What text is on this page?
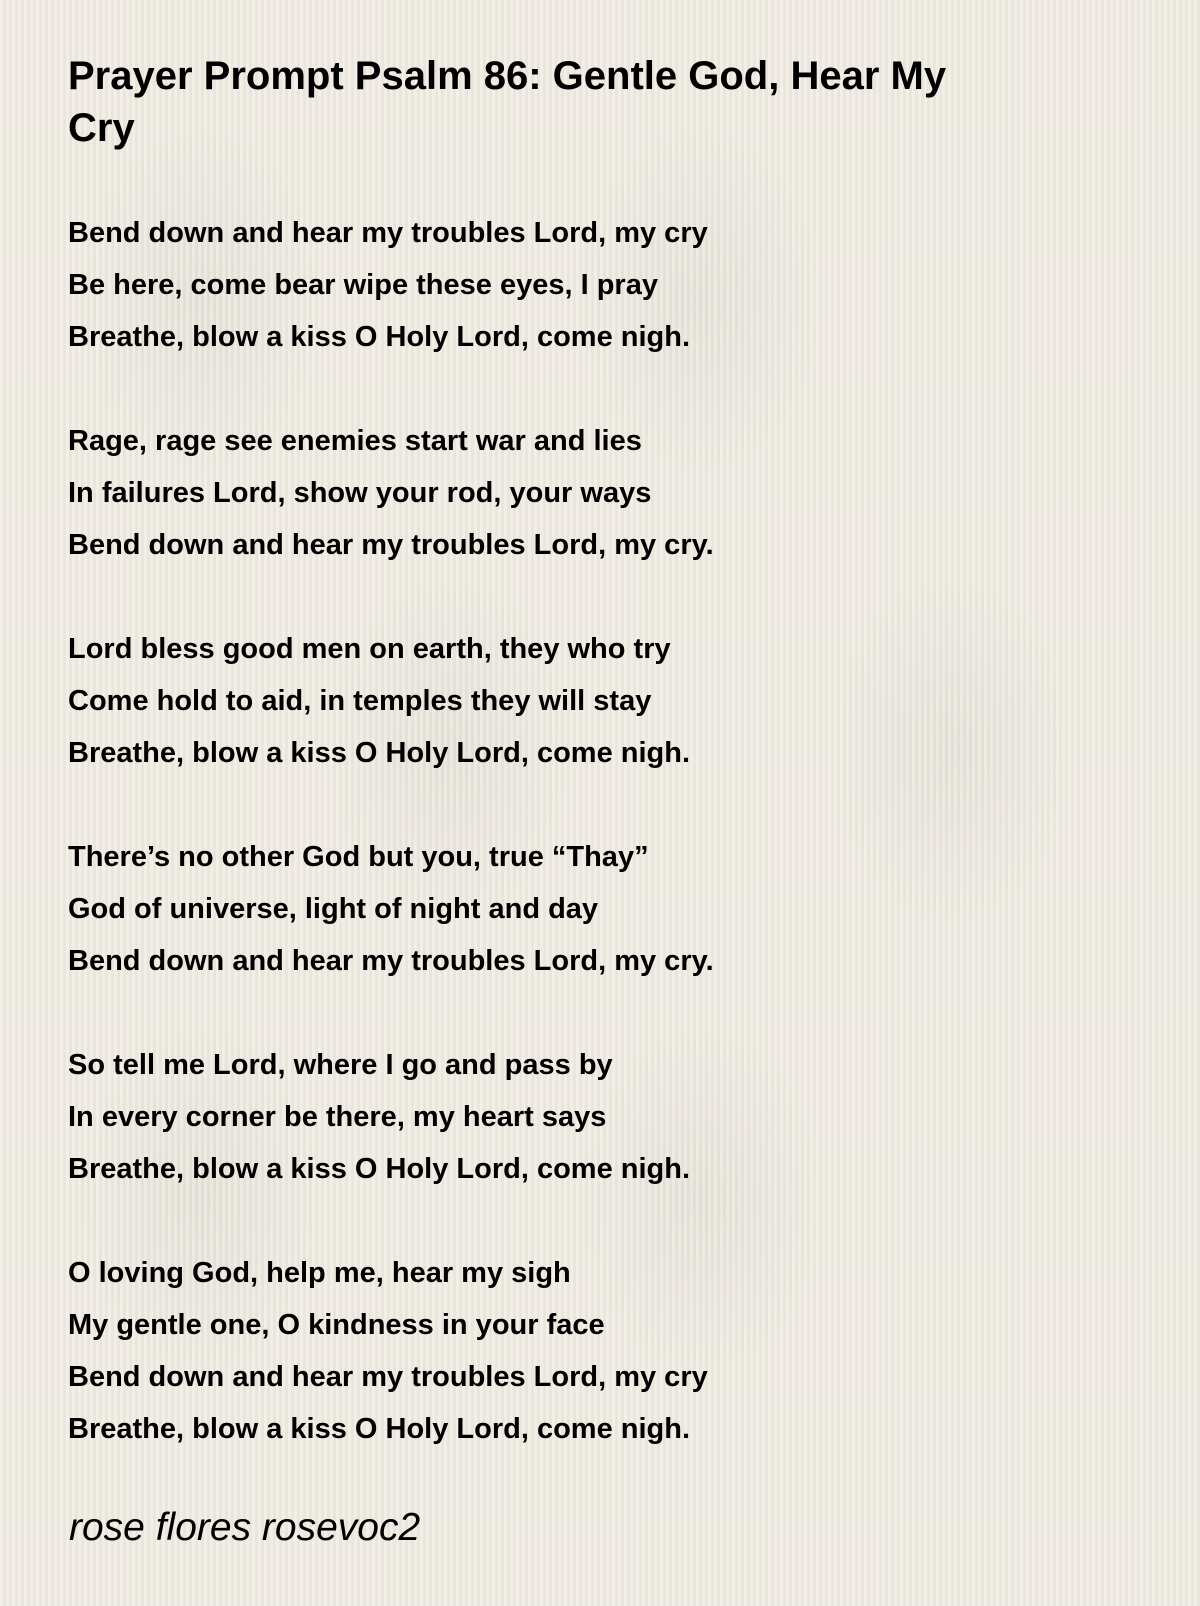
Prayer Prompt Psalm 86: Gentle God, Hear My Cry
Bend down and hear my troubles Lord, my cry
Be here, come bear wipe these eyes, I pray
Breathe, blow a kiss O Holy Lord, come nigh.
Rage, rage see enemies start war and lies
In failures Lord, show your rod, your ways
Bend down and hear my troubles Lord, my cry.
Lord bless good men on earth, they who try
Come hold to aid, in temples they will stay
Breathe, blow a kiss O Holy Lord, come nigh.
There’s no other God but you, true “Thay”
God of universe, light of night and day
Bend down and hear my troubles Lord, my cry.
So tell me Lord, where I go and pass by
In every corner be there, my heart says
Breathe, blow a kiss O Holy Lord, come nigh.
O loving God, help me, hear my sigh
My gentle one, O kindness in your face
Bend down and hear my troubles Lord, my cry
Breathe, blow a kiss O Holy Lord, come nigh.
rose flores rosevoc2
